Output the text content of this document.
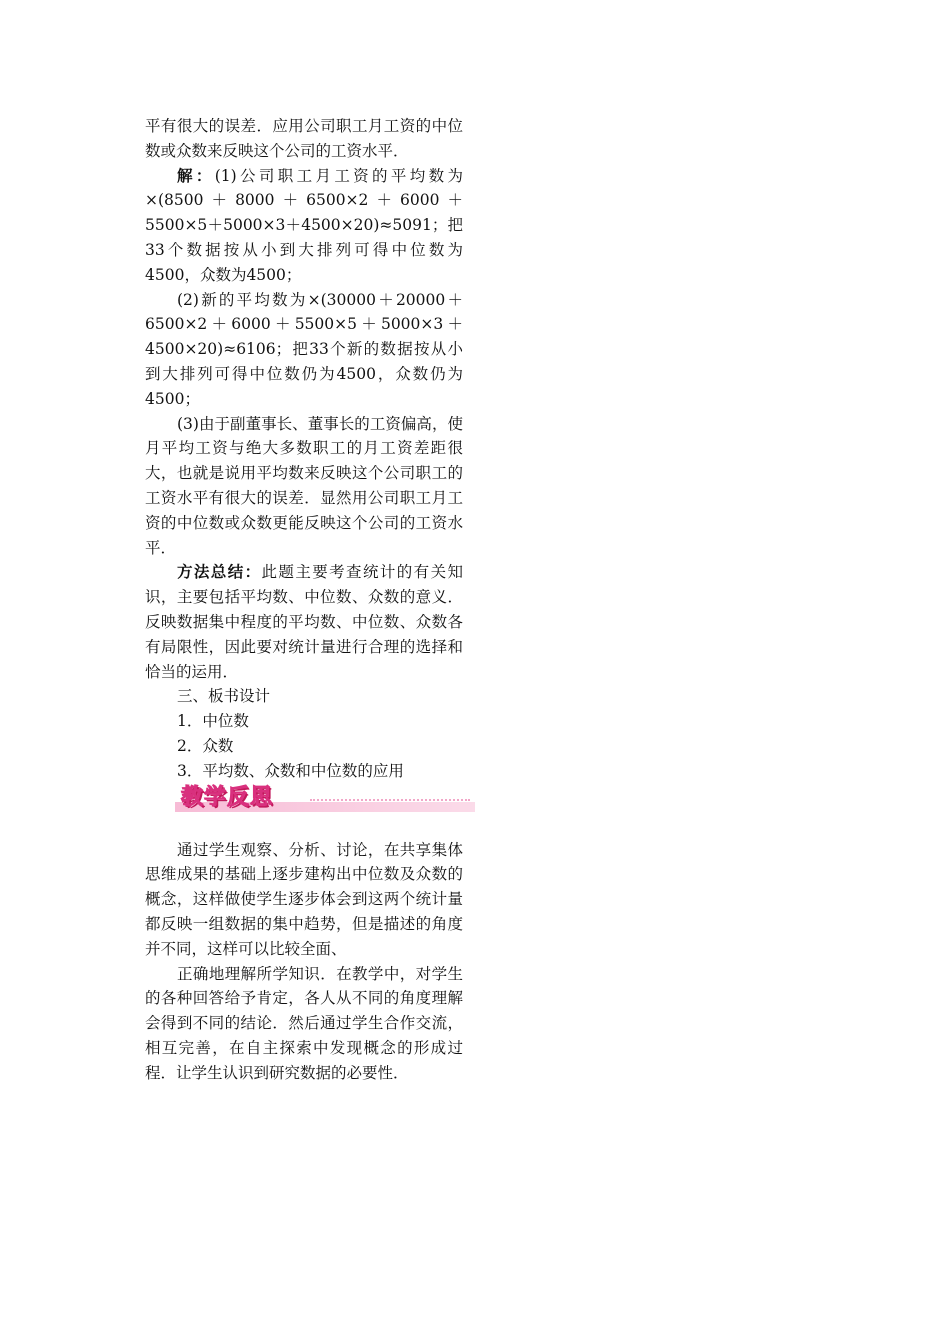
平有很大的误差．应用公司职工月工资的中位数或众数来反映这个公司的工资水平．

解：(1)公司职工月工资的平均数为×(8500＋8000＋6500×2＋6000＋5500×5＋5000×3＋4500×20)≈5091；把33个数据按从小到大排列可得中位数为4500，众数为4500；

(2)新的平均数为×(30000＋20000＋6500×2＋6000＋5500×5＋5000×3＋4500×20)≈6106；把33个新的数据按从小到大排列可得中位数仍为4500，众数仍为4500；

(3)由于副董事长、董事长的工资偏高，使月平均工资与绝大多数职工的月工资差距很大，也就是说用平均数来反映这个公司职工的工资水平有很大的误差．显然用公司职工月工资的中位数或众数更能反映这个公司的工资水平．

方法总结：此题主要考查统计的有关知识，主要包括平均数、中位数、众数的意义．反映数据集中程度的平均数、中位数、众数各有局限性，因此要对统计量进行合理的选择和恰当的运用．

三、板书设计

1．中位数

2．众数

3．平均数、众数和中位数的应用

教学反思

通过学生观察、分析、讨论，在共享集体思维成果的基础上逐步建构出中位数及众数的概念，这样做使学生逐步体会到这两个统计量都反映一组数据的集中趋势，但是描述的角度并不同，这样可以比较全面、

正确地理解所学知识．在教学中，对学生的各种回答给予肯定，各人从不同的角度理解会得到不同的结论．然后通过学生合作交流，相互完善，在自主探索中发现概念的形成过程．让学生认识到研究数据的必要性．
